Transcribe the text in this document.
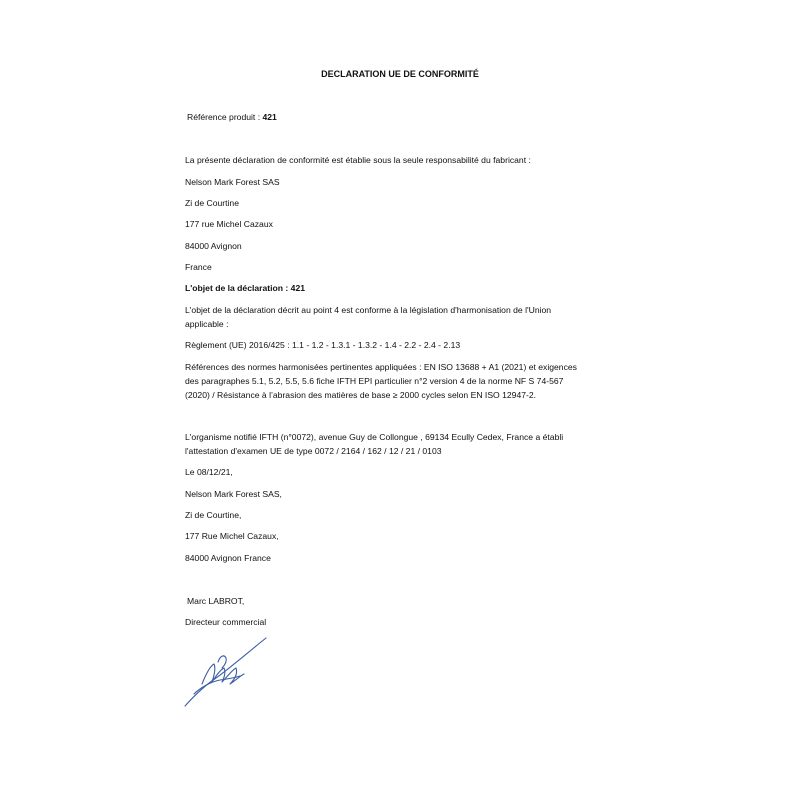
DECLARATION UE DE CONFORMITÉ

Référence produit : 421

La présente déclaration de conformité est établie sous la seule responsabilité du fabricant :

Nelson Mark Forest SAS

Zi de Courtine

177 rue Michel Cazaux

84000 Avignon

France

L'objet de la déclaration : 421

L'objet de la déclaration décrit au point 4 est conforme à la législation d'harmonisation de l'Union

applicable :

Règlement (UE) 2016/425 : 1.1 - 1.2 - 1.3.1 - 1.3.2 - 1.4 - 2.2 - 2.4 - 2.13

Références des normes harmonisées pertinentes appliquées : EN ISO 13688 + A1 (2021) et exigences

des paragraphes 5.1, 5.2, 5.5, 5.6 fiche IFTH EPI particulier n°2 version 4 de la norme NF S 74-567

(2020) / Résistance à l’abrasion des matières de base ≥ 2000 cycles selon EN ISO 12947-2.

L'organisme notifié IFTH (n°0072), avenue Guy de Collongue , 69134 Ecully Cedex, France a établi

l'attestation d'examen UE de type 0072 / 2164 / 162 / 12 / 21 / 0103

Le 08/12/21,

Nelson Mark Forest SAS,

Zi de Courtine,

177 Rue Michel Cazaux,

84000 Avignon France

Marc LABROT,

Directeur commercial
